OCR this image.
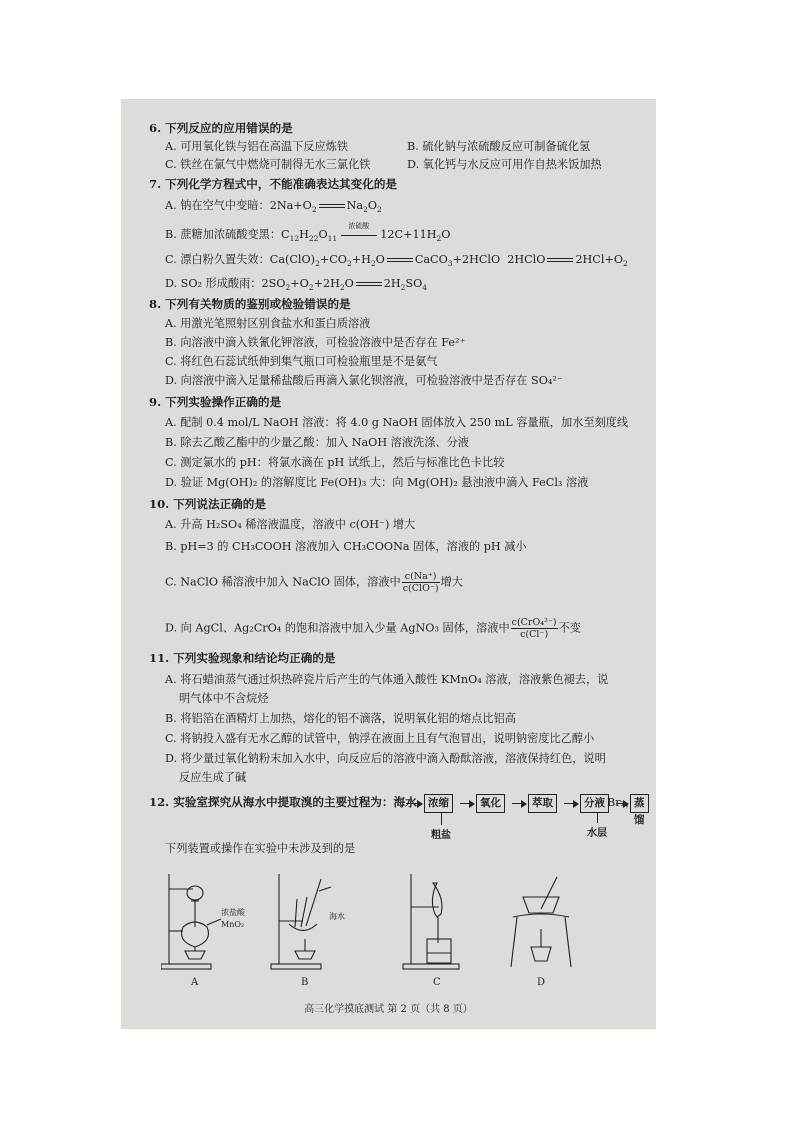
6. 下列反应的应用错误的是
A. 可用氧化铁与铝在高温下反应炼铁	B. 硫化钠与浓硫酸反应可制备硫化氢
C. 铁丝在氯气中燃烧可制得无水三氯化铁	D. 氧化钙与水反应可用作自热米饭加热
7. 下列化学方程式中，不能准确表达其变化的是
A. 钠在空气中变暗：$2Na+O_2$	$Na_2O_2$
B. 蔗糖加浓硫酸变黑：$C_{12}H_{22}O_{11}$
浓硫酸
$12C+11H_2O$
C. 漂白粉久置失效：$Ca(ClO)_2+CO_2+H_2O$	CaCO$_3$+2HClO  2HClO	$2HCl+O_2$
D. SO₂ 形成酸雨：$2SO_2+O_2+2H_2O$	$2H_2SO_4$
8. 下列有关物质的鉴别或检验错误的是
A. 用激光笔照射区别食盐水和蛋白质溶液
B. 向溶液中滴入铁氰化钾溶液，可检验溶液中是否存在 Fe²⁺
C. 将红色石蕊试纸伸到集气瓶口可检验瓶里是不是氨气
D. 向溶液中滴入足量稀盐酸后再滴入氯化钡溶液，可检验溶液中是否存在 SO₄²⁻
9. 下列实验操作正确的是
A. 配制 0.4 mol/L NaOH 溶液：将 4.0 g NaOH 固体放入 250 mL 容量瓶，加水至刻度线
B. 除去乙酸乙酯中的少量乙酸：加入 NaOH 溶液洗涤、分液
C. 测定氯水的 pH：将氯水滴在 pH 试纸上，然后与标准比色卡比较
D. 验证 Mg(OH)₂ 的溶解度比 Fe(OH)₃ 大：向 Mg(OH)₂ 悬浊液中滴入 FeCl₃ 溶液
10. 下列说法正确的是
A. 升高 H₂SO₄ 稀溶液温度，溶液中 c(OH⁻) 增大
B. pH=3 的 CH₃COOH 溶液加入 CH₃COONa 固体，溶液的 pH 减小
C. NaClO 稀溶液中加入 NaClO 固体，溶液中 $\frac{c(Na^+)}{\text{c(ClO⁻)}}$ 增大
D. 向 AgCl、Ag₂CrO₄ 的饱和溶液中加入少量 AgNO₃ 固体，溶液中 $\frac{\text{c(CrO₄²⁻)}}{c(Cl^-)}$ 不变
11. 下列实验现象和结论均正确的是
A. 将石蜡油蒸气通过炽热碎瓷片后产生的气体通入酸性 KMnO₄ 溶液，溶液紫色褪去，说
明气体中不含烷烃
B. 将铝箔在酒精灯上加热，熔化的铝不滴落，说明氧化铝的熔点比铝高
C. 将钠投入盛有无水乙醇的试管中，钠浮在液面上且有气泡冒出，说明钠密度比乙醇小
D. 将少量过氧化钠粉末加入水中，向反应后的溶液中滴入酚酞溶液，溶液保持红色，说明
反应生成了碱
12. 实验室探究从海水中提取溴的主要过程为：海水	浓缩	氧化	萃取	分液	蒸馏
粗盐	水层
下列装置或操作在实验中未涉及到的是
Br₂，
浓盐酸
MnO₂
海水
A	B	C	D
高三化学摸底测试 第 2 页（共 8 页）
